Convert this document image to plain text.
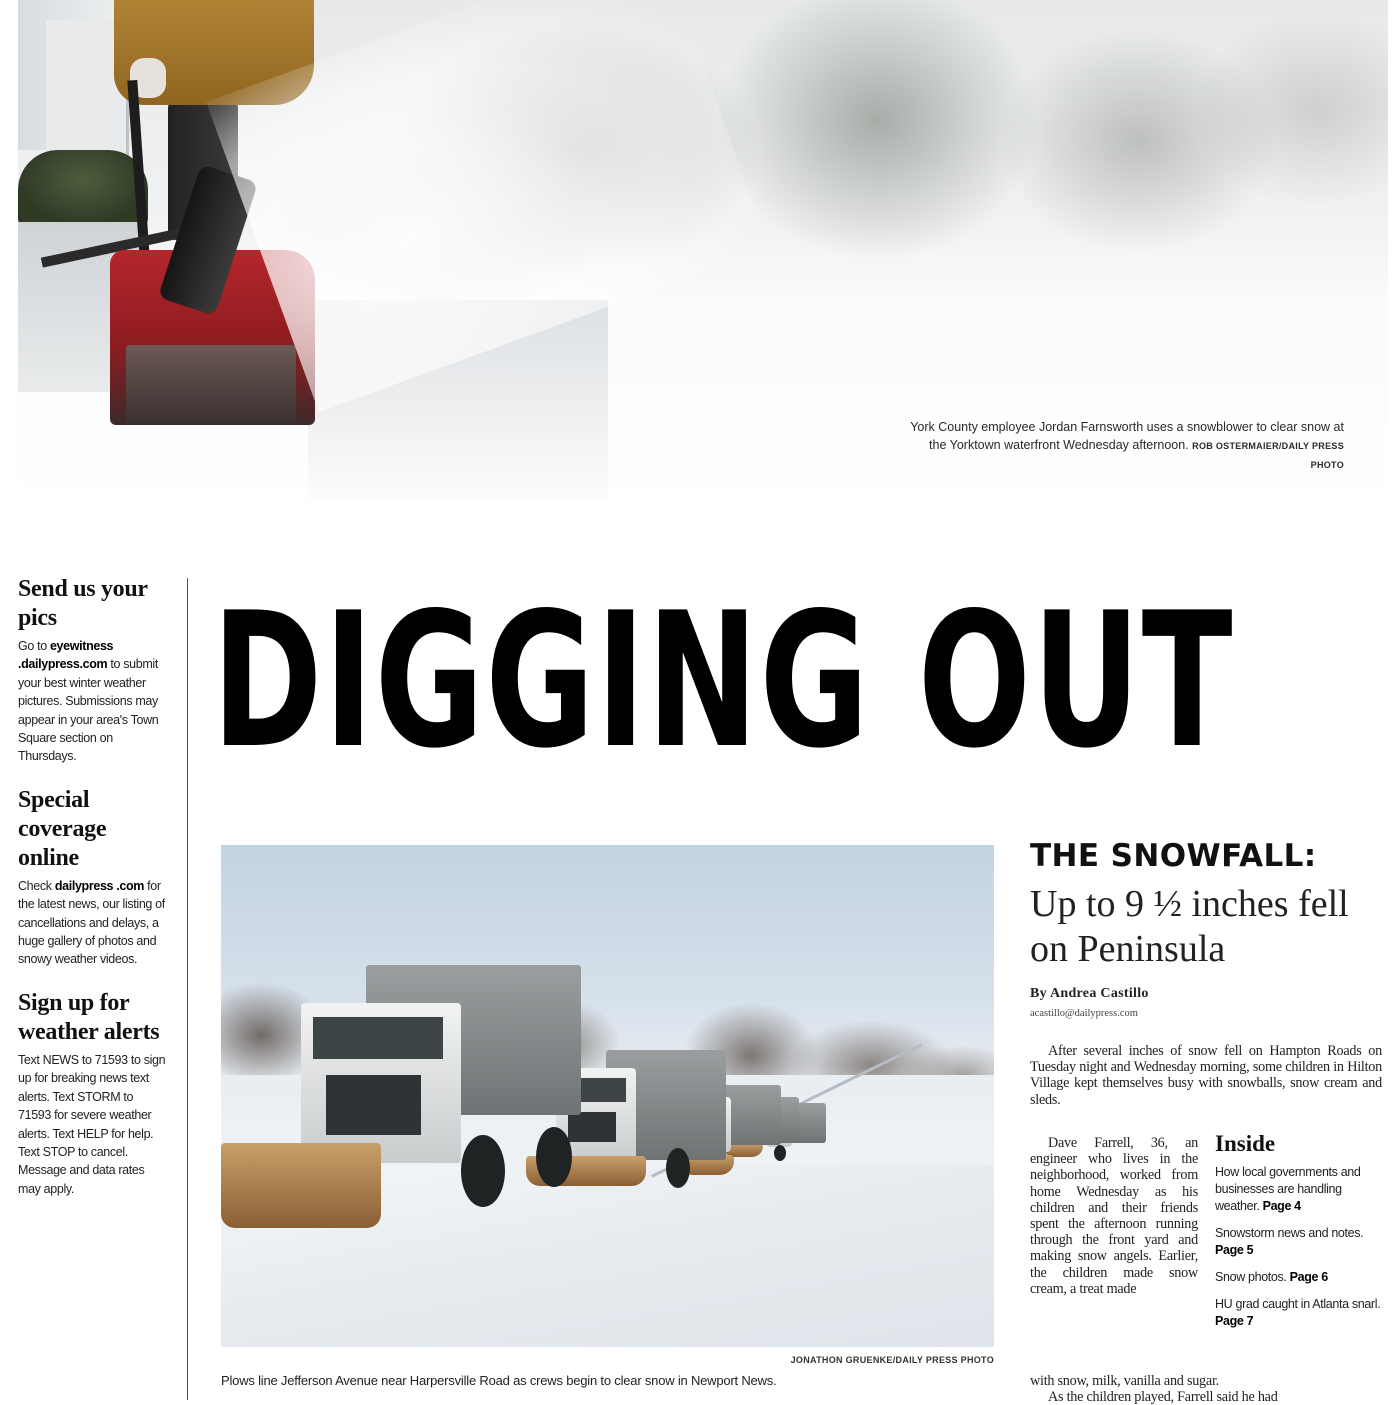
York County employee Jordan Farnsworth uses a snowblower to clear snow at the Yorktown waterfront Wednesday afternoon. ROB OSTERMAIER/DAILY PRESS PHOTO
Send us your pics
Go to eyewitness .dailypress.com to submit your best winter weather pictures. Submissions may appear in your area's Town Square section on Thursdays.
Special coverage online
Check dailypress .com for the latest news, our listing of cancellations and delays, a huge gallery of photos and snowy weather videos.
Sign up for weather alerts
Text NEWS to 71593 to sign up for breaking news text alerts. Text STORM to 71593 for severe weather alerts. Text HELP for help. Text STOP to cancel. Message and data rates may apply.
DIGGING OUT
JONATHON GRUENKE/DAILY PRESS PHOTO
Plows line Jefferson Avenue near Harpersville Road as crews begin to clear snow in Newport News.
THE SNOWFALL:
Up to 9 ½ inches fell on Peninsula
By Andrea Castillo
acastillo@dailypress.com

After several inches of snow fell on Hampton Roads on Tuesday night and Wednesday morning, some children in Hilton Village kept themselves busy with snowballs, snow cream and sleds.

Dave Farrell, 36, an engineer who lives in the neighborhood, worked from home Wednesday as his children and their friends spent the afternoon running through the front yard and making snow angels. Earlier, the children made snow cream, a treat made

with snow, milk, vanilla and sugar.

As the children played, Farrell said he had

Inside
How local governments and businesses are handling weather. Page 4
Snowstorm news and notes. Page 5
Snow photos. Page 6
HU grad caught in Atlanta snarl. Page 7
